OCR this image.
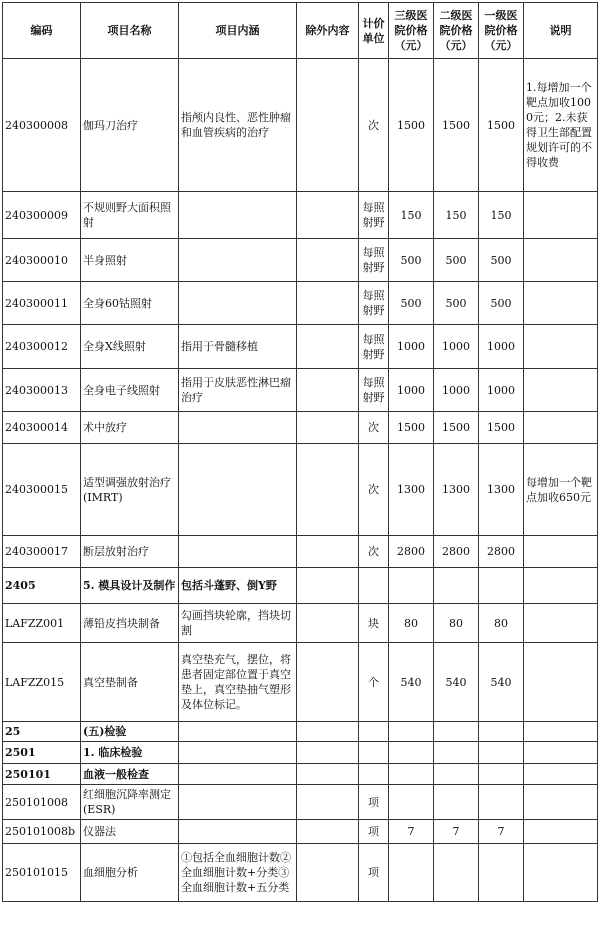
编码	项目名称	项目内涵	除外内容	计价单位	三级医院价格（元）	二级医院价格（元）	一级医院价格（元）	说明
240300008	伽玛刀治疗	指颅内良性、恶性肿瘤和血管疾病的治疗		次	1500	1500	1500	1.每增加一个靶点加收1000元；2.未获得卫生部配置规划许可的不得收费
240300009	不规则野大面积照射			每照射野	150	150	150	
240300010	半身照射			每照射野	500	500	500	
240300011	全身60钴照射			每照射野	500	500	500	
240300012	全身X线照射	指用于骨髓移植		每照射野	1000	1000	1000	
240300013	全身电子线照射	指用于皮肤恶性淋巴瘤治疗		每照射野	1000	1000	1000	
240300014	术中放疗			次	1500	1500	1500	
240300015	适型调强放射治疗(IMRT)			次	1300	1300	1300	每增加一个靶点加收650元
240300017	断层放射治疗			次	2800	2800	2800	
2405	5. 模具设计及制作	包括斗蓬野、倒Y野						
LAFZZ001	薄铅皮挡块制备	勾画挡块轮廓，挡块切割		块	80	80	80	
LAFZZ015	真空垫制备	真空垫充气，摆位，将患者固定部位置于真空垫上，真空垫抽气塑形及体位标记。		个	540	540	540	
25	(五)检验							
2501	1. 临床检验							
250101	血液一般检查							
250101008	红细胞沉降率测定(ESR)			项				
250101008b	仪器法			项	7	7	7	
250101015	血细胞分析	①包括全血细胞计数②全血细胞计数+分类③全血细胞计数+五分类		项				
